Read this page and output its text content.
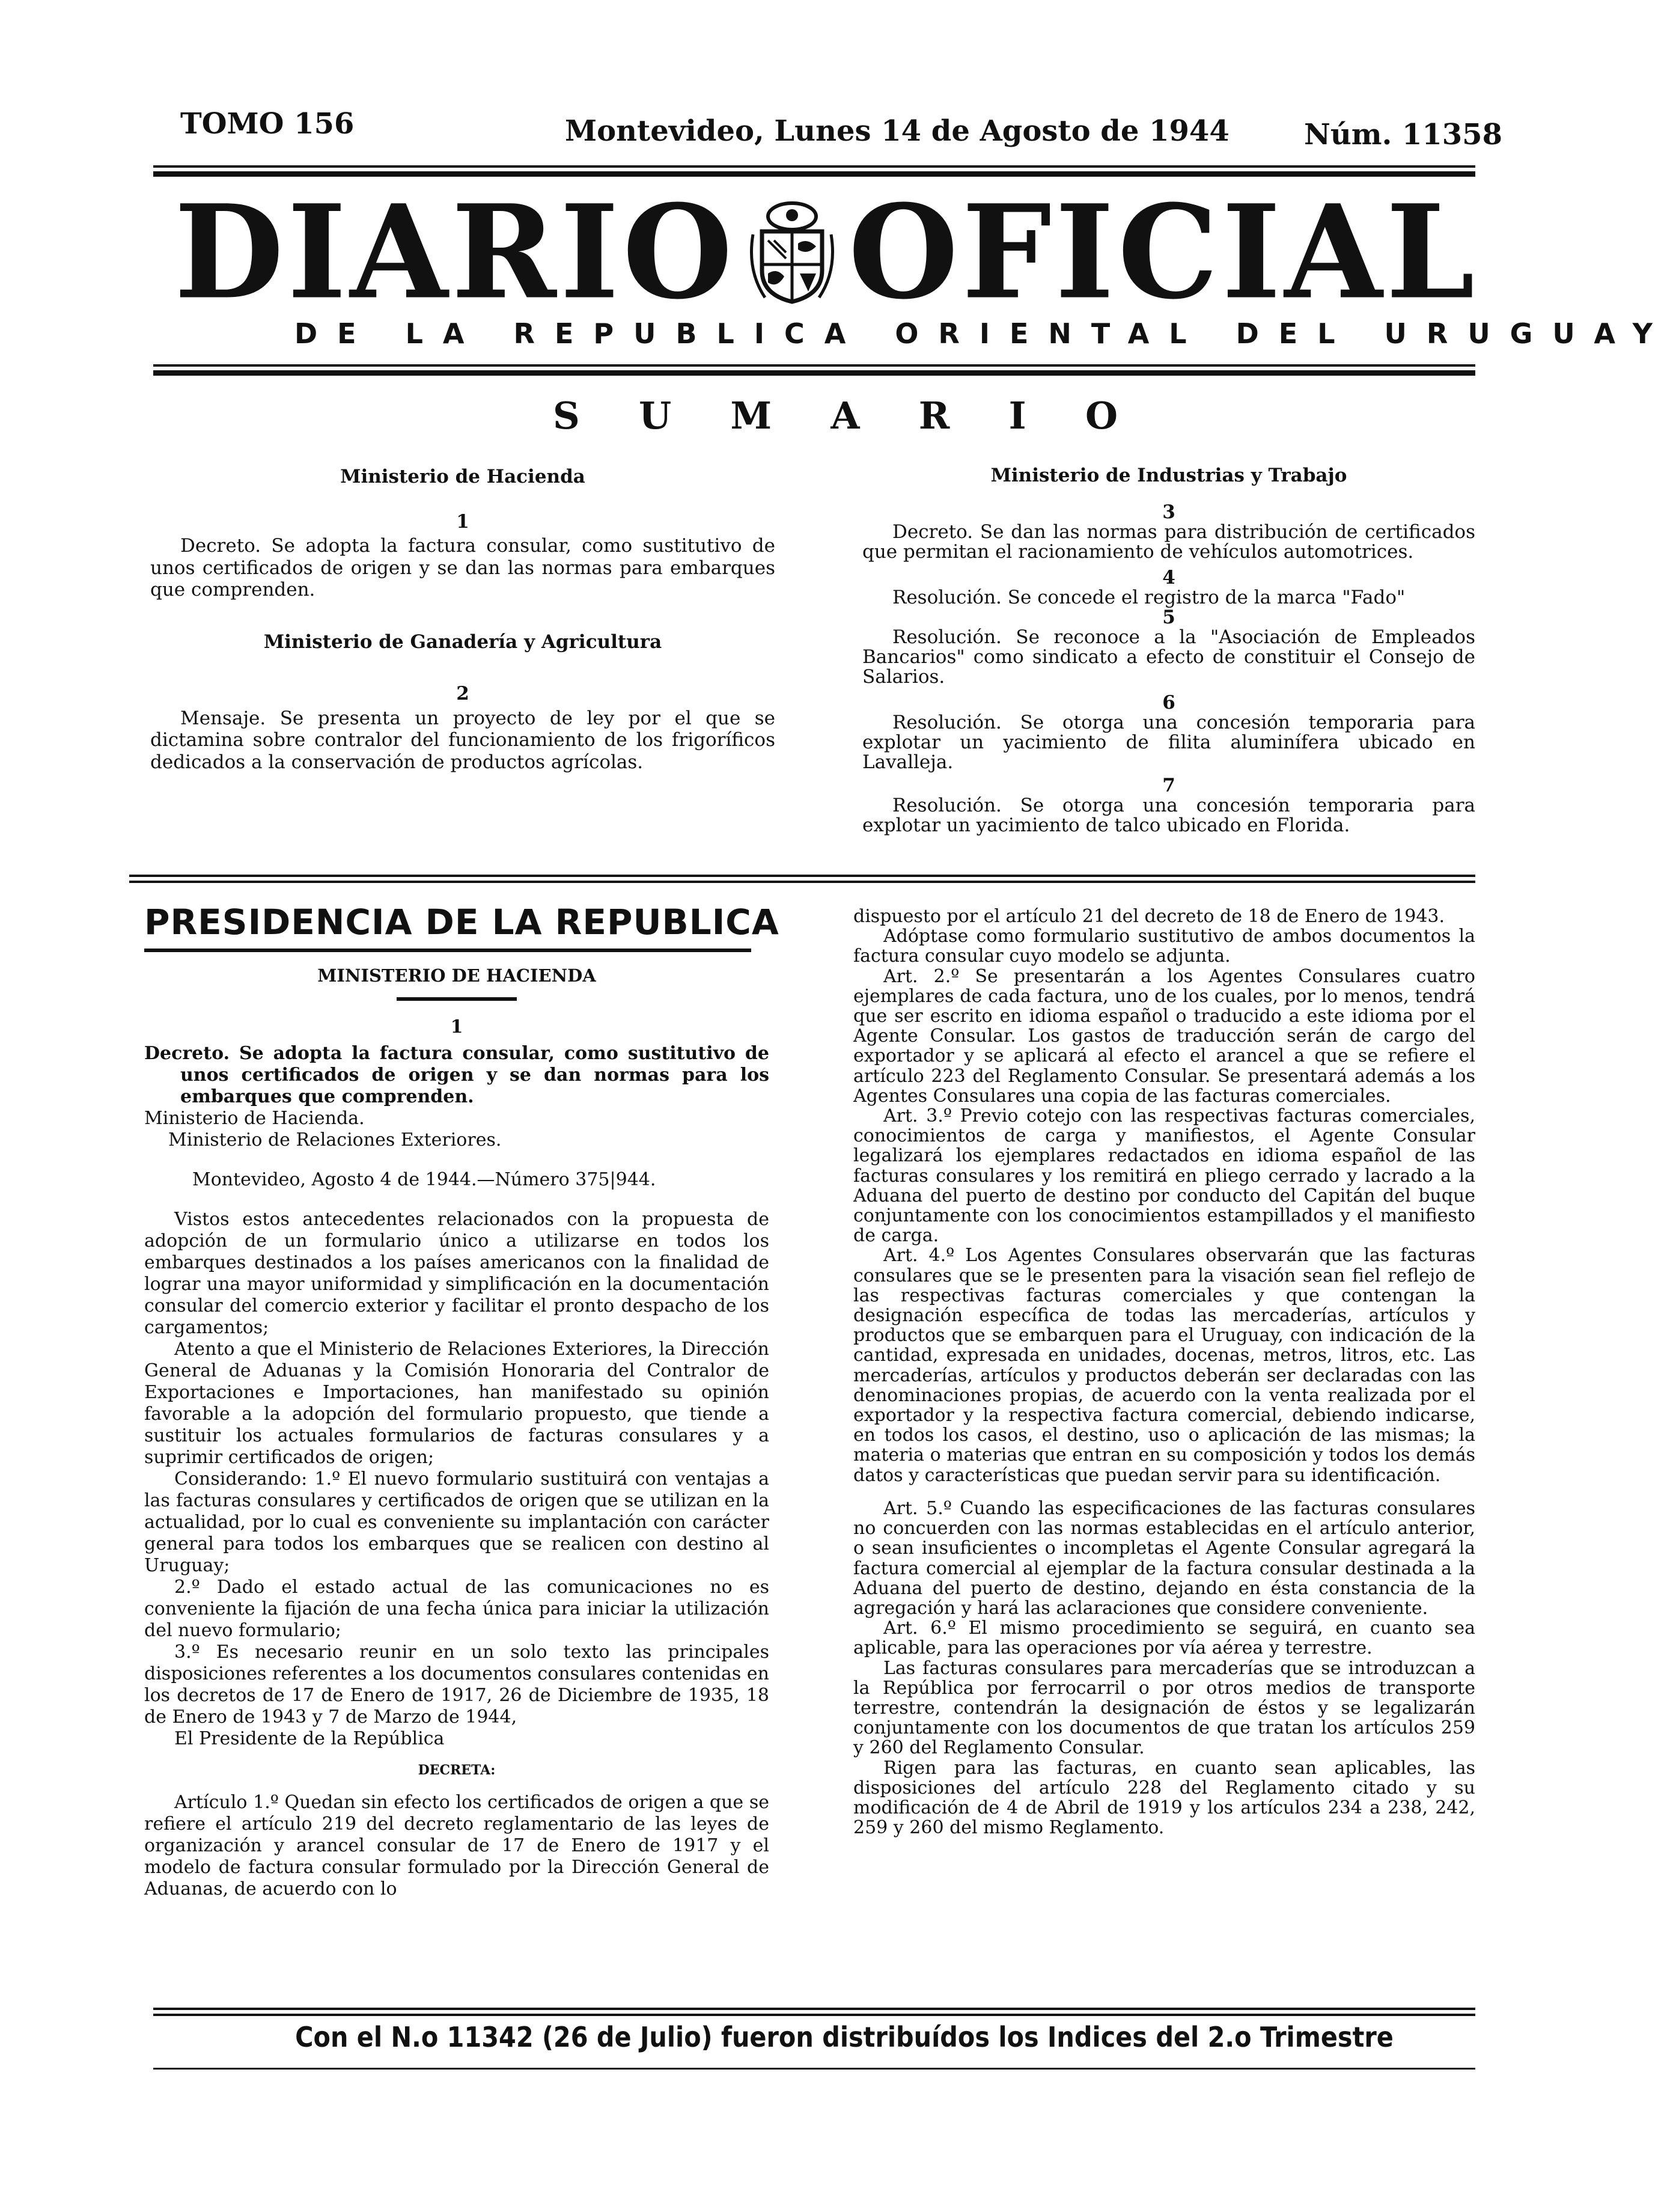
TOMO 156	Montevideo, Lunes 14 de Agosto de 1944	Núm. 11358
DIARIO OFICIAL
DE LA REPUBLICA ORIENTAL DEL URUGUAY
S U M A R I O
Ministerio de Hacienda
1

Decreto. Se adopta la factura consular, como sustitutivo de unos certificados de origen y se dan las normas para embarques que comprenden.

Ministerio de Ganadería y Agricultura
2

Mensaje. Se presenta un proyecto de ley por el que se dictamina sobre contralor del funcionamiento de los frigoríficos dedicados a la conservación de productos agrícolas.

Ministerio de Industrias y Trabajo
3

Decreto. Se dan las normas para distribución de certificados que permitan el racionamiento de vehículos automotrices.

4

Resolución. Se concede el registro de la marca "Fado"

5

Resolución. Se reconoce a la "Asociación de Empleados Bancarios" como sindicato a efecto de constituir el Consejo de Salarios.

6

Resolución. Se otorga una concesión temporaria para explotar un yacimiento de filita aluminífera ubicado en Lavalleja.

7

Resolución. Se otorga una concesión temporaria para explotar un yacimiento de talco ubicado en Florida.

PRESIDENCIA DE LA REPUBLICA
MINISTERIO DE HACIENDA
1

Decreto. Se adopta la factura consular, como sustitutivo de unos certificados de origen y se dan normas para los embarques que comprenden.

Ministerio de Hacienda.

Ministerio de Relaciones Exteriores.

Montevideo, Agosto 4 de 1944.—Número 375|944.

Vistos estos antecedentes relacionados con la propuesta de adopción de un formulario único a utilizarse en todos los embarques destinados a los países americanos con la finalidad de lograr una mayor uniformidad y simplificación en la documentación consular del comercio exterior y facilitar el pronto despacho de los cargamentos;

Atento a que el Ministerio de Relaciones Exteriores, la Dirección General de Aduanas y la Comisión Honoraria del Contralor de Exportaciones e Importaciones, han manifestado su opinión favorable a la adopción del formulario propuesto, que tiende a sustituir los actuales formularios de facturas consulares y a suprimir certificados de origen;

Considerando: 1.º El nuevo formulario sustituirá con ventajas a las facturas consulares y certificados de origen que se utilizan en la actualidad, por lo cual es conveniente su implantación con carácter general para todos los embarques que se realicen con destino al Uruguay;

2.º Dado el estado actual de las comunicaciones no es conveniente la fijación de una fecha única para iniciar la utilización del nuevo formulario;

3.º Es necesario reunir en un solo texto las principales disposiciones referentes a los documentos consulares contenidas en los decretos de 17 de Enero de 1917, 26 de Diciembre de 1935, 18 de Enero de 1943 y 7 de Marzo de 1944,

El Presidente de la República

DECRETA:

Artículo 1.º Quedan sin efecto los certificados de origen a que se refiere el artículo 219 del decreto reglamentario de las leyes de organización y arancel consular de 17 de Enero de 1917 y el modelo de factura consular formulado por la Dirección General de Aduanas, de acuerdo con lo

dispuesto por el artículo 21 del decreto de 18 de Enero de 1943.

Adóptase como formulario sustitutivo de ambos documentos la factura consular cuyo modelo se adjunta.

Art. 2.º Se presentarán a los Agentes Consulares cuatro ejemplares de cada factura, uno de los cuales, por lo menos, tendrá que ser escrito en idioma español o traducido a este idioma por el Agente Consular. Los gastos de traducción serán de cargo del exportador y se aplicará al efecto el arancel a que se refiere el artículo 223 del Reglamento Consular. Se presentará además a los Agentes Consulares una copia de las facturas comerciales.

Art. 3.º Previo cotejo con las respectivas facturas comerciales, conocimientos de carga y manifiestos, el Agente Consular legalizará los ejemplares redactados en idioma español de las facturas consulares y los remitirá en pliego cerrado y lacrado a la Aduana del puerto de destino por conducto del Capitán del buque conjuntamente con los conocimientos estampillados y el manifiesto de carga.

Art. 4.º Los Agentes Consulares observarán que las facturas consulares que se le presenten para la visación sean fiel reflejo de las respectivas facturas comerciales y que contengan la designación específica de todas las mercaderías, artículos y productos que se embarquen para el Uruguay, con indicación de la cantidad, expresada en unidades, docenas, metros, litros, etc. Las mercaderías, artículos y productos deberán ser declaradas con las denominaciones propias, de acuerdo con la venta realizada por el exportador y la respectiva factura comercial, debiendo indicarse, en todos los casos, el destino, uso o aplicación de las mismas; la materia o materias que entran en su composición y todos los demás datos y características que puedan servir para su identificación.

Art. 5.º Cuando las especificaciones de las facturas consulares no concuerden con las normas establecidas en el artículo anterior, o sean insuficientes o incompletas el Agente Consular agregará la factura comercial al ejemplar de la factura consular destinada a la Aduana del puerto de destino, dejando en ésta constancia de la agregación y hará las aclaraciones que considere conveniente.

Art. 6.º El mismo procedimiento se seguirá, en cuanto sea aplicable, para las operaciones por vía aérea y terrestre.

Las facturas consulares para mercaderías que se introduzcan a la República por ferrocarril o por otros medios de transporte terrestre, contendrán la designación de éstos y se legalizarán conjuntamente con los documentos de que tratan los artículos 259 y 260 del Reglamento Consular.

Rigen para las facturas, en cuanto sean aplicables, las disposiciones del artículo 228 del Reglamento citado y su modificación de 4 de Abril de 1919 y los artículos 234 a 238, 242, 259 y 260 del mismo Reglamento.

Con el N.o 11342 (26 de Julio) fueron distribuídos los Indices del 2.o Trimestre
